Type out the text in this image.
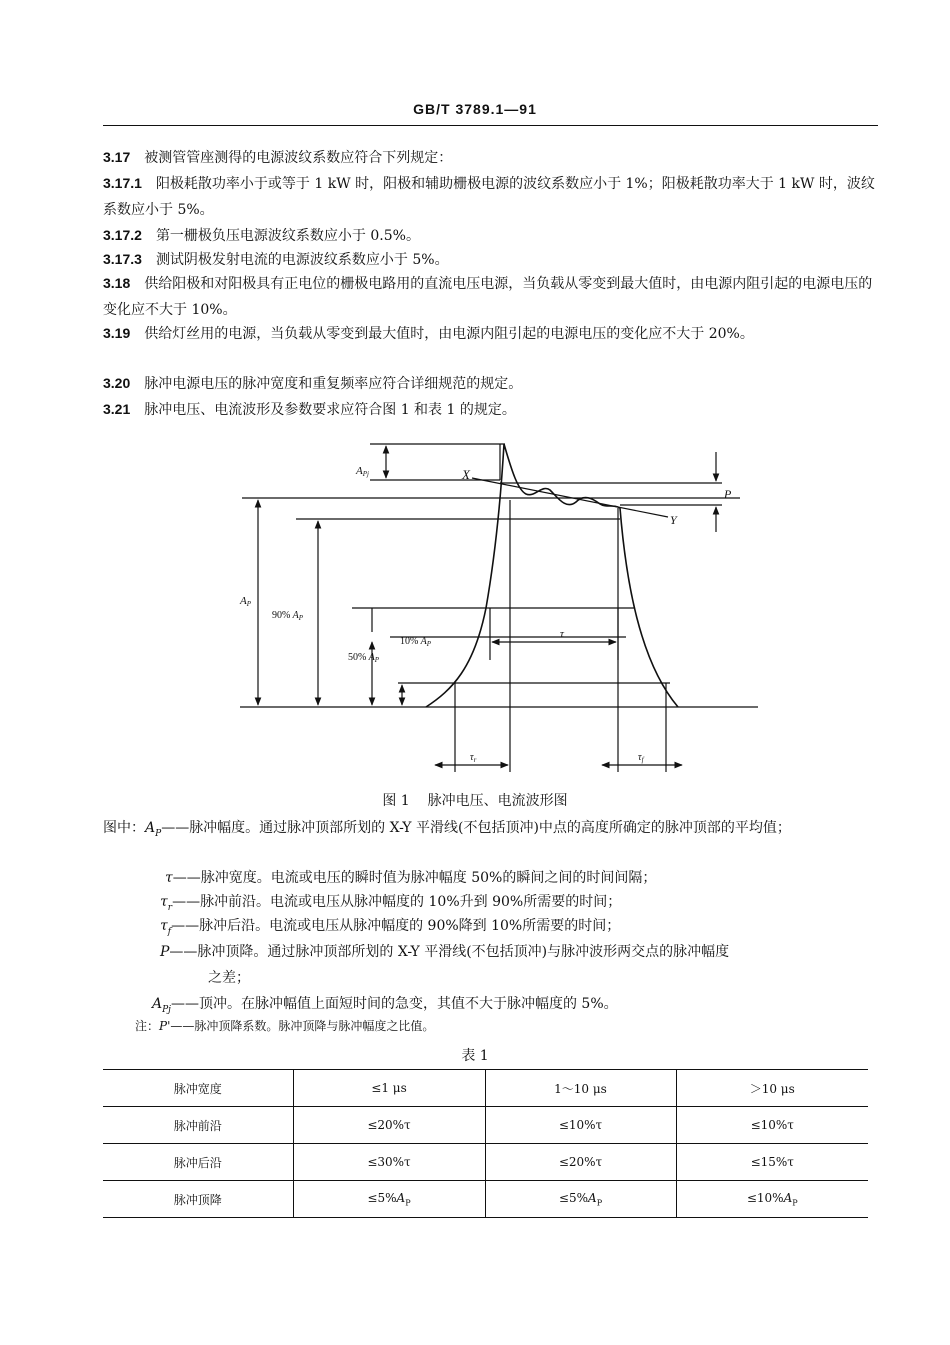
GB/T 3789.1—91

3.17 被测管管座测得的电源波纹系数应符合下列规定：

3.17.1 阳极耗散功率小于或等于 1 kW 时，阳极和辅助栅极电源的波纹系数应小于 1%；阳极耗散功率大于 1 kW 时，波纹系数应小于 5%。

3.17.2 第一栅极负压电源波纹系数应小于 0.5%。

3.17.3 测试阴极发射电流的电源波纹系数应小于 5%。

3.18 供给阳极和对阳极具有正电位的栅极电路用的直流电压电源，当负载从零变到最大值时，由电源内阻引起的电源电压的变化应不大于 10%。

3.19 供给灯丝用的电源，当负载从零变到最大值时，由电源内阻引起的电源电压的变化应不大于 20%。

3.20 脉冲电源电压的脉冲宽度和重复频率应符合详细规范的规定。

3.21 脉冲电压、电流波形及参数要求应符合图 1 和表 1 的规定。

APj	X
Y
P
AP
90% $A_P$
10% $A_P$
50% $A_P$
τ
$\tau_r$	$\tau_f$
图 1 脉冲电压、电流波形图

图中：$A_P——$脉冲幅度。通过脉冲顶部所划的 X-Y 平滑线(不包括顶冲)中点的高度所确定的脉冲顶部的平均值；

τ——脉冲宽度。电流或电压的瞬时值为脉冲幅度 50%的瞬间之间的时间间隔；

$\tau_r——$脉冲前沿。电流或电压从脉冲幅度的 10%升到 90%所需要的时间；

$\tau_f——$脉冲后沿。电流或电压从脉冲幅度的 90%降到 10%所需要的时间；

P——脉冲顶降。通过脉冲顶部所划的 X-Y 平滑线(不包括顶冲)与脉冲波形两交点的脉冲幅度

之差；

$A_{Pj}——$顶冲。在脉冲幅值上面短时间的急变，其值不大于脉冲幅度的 5%。

注：P'——脉冲顶降系数。脉冲顶降与脉冲幅度之比值。
表 1
脉冲宽度	≤1 μs	1～10 μs	＞10 μs
脉冲前沿	≤20%τ	≤10%τ	≤10%τ
脉冲后沿	≤30%τ	≤20%τ	≤15%τ
脉冲顶降	$\le 5\%A_P$	$\le 5\%A_P$	$\le 10\%A_P$
